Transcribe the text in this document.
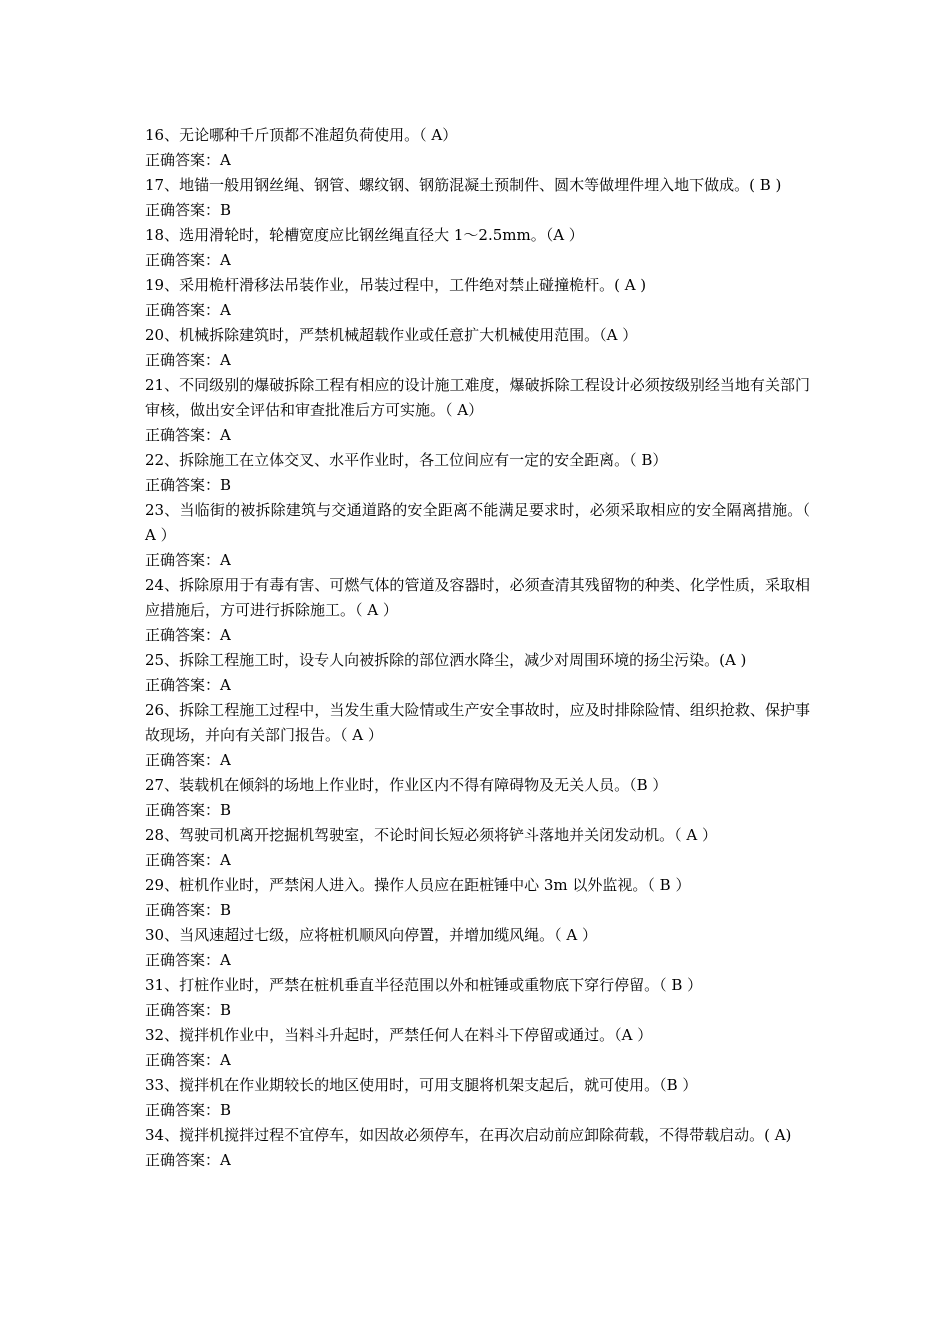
16、无论哪种千斤顶都不准超负荷使用。（ A）
正确答案：A
17、地锚一般用钢丝绳、钢管、螺纹钢、钢筋混凝土预制件、圆木等做埋件埋入地下做成。( B )
正确答案：B
18、选用滑轮时，轮槽宽度应比钢丝绳直径大 1～2.5mm。（A ）
正确答案：A
19、采用桅杆滑移法吊装作业，吊装过程中，工件绝对禁止碰撞桅杆。( A )
正确答案：A
20、机械拆除建筑时，严禁机械超载作业或任意扩大机械使用范围。（A ）
正确答案：A
21、不同级别的爆破拆除工程有相应的设计施工难度，爆破拆除工程设计必须按级别经当地有关部门审核，做出安全评估和审查批准后方可实施。（ A）
正确答案：A
22、拆除施工在立体交叉、水平作业时，各工位间应有一定的安全距离。（ B）
正确答案：B
23、当临街的被拆除建筑与交通道路的安全距离不能满足要求时，必须采取相应的安全隔离措施。（ A ）
正确答案：A
24、拆除原用于有毒有害、可燃气体的管道及容器时，必须查清其残留物的种类、化学性质，采取相应措施后，方可进行拆除施工。（ A ）
正确答案：A
25、拆除工程施工时，设专人向被拆除的部位洒水降尘，减少对周围环境的扬尘污染。(A )
正确答案：A
26、拆除工程施工过程中，当发生重大险情或生产安全事故时，应及时排除险情、组织抢救、保护事故现场，并向有关部门报告。（ A ）
正确答案：A
27、装载机在倾斜的场地上作业时，作业区内不得有障碍物及无关人员。（B ）
正确答案：B
28、驾驶司机离开挖掘机驾驶室，不论时间长短必须将铲斗落地并关闭发动机。（ A ）
正确答案：A
29、桩机作业时，严禁闲人进入。操作人员应在距桩锤中心 3m 以外监视。（ B ）
正确答案：B
30、当风速超过七级，应将桩机顺风向停置，并增加缆风绳。（ A ）
正确答案：A
31、打桩作业时，严禁在桩机垂直半径范围以外和桩锤或重物底下穿行停留。（ B ）
正确答案：B
32、搅拌机作业中，当料斗升起时，严禁任何人在料斗下停留或通过。（A ）
正确答案：A
33、搅拌机在作业期较长的地区使用时，可用支腿将机架支起后，就可使用。（B ）
正确答案：B
34、搅拌机搅拌过程不宜停车，如因故必须停车，在再次启动前应卸除荷载，不得带载启动。( A)
正确答案：A
